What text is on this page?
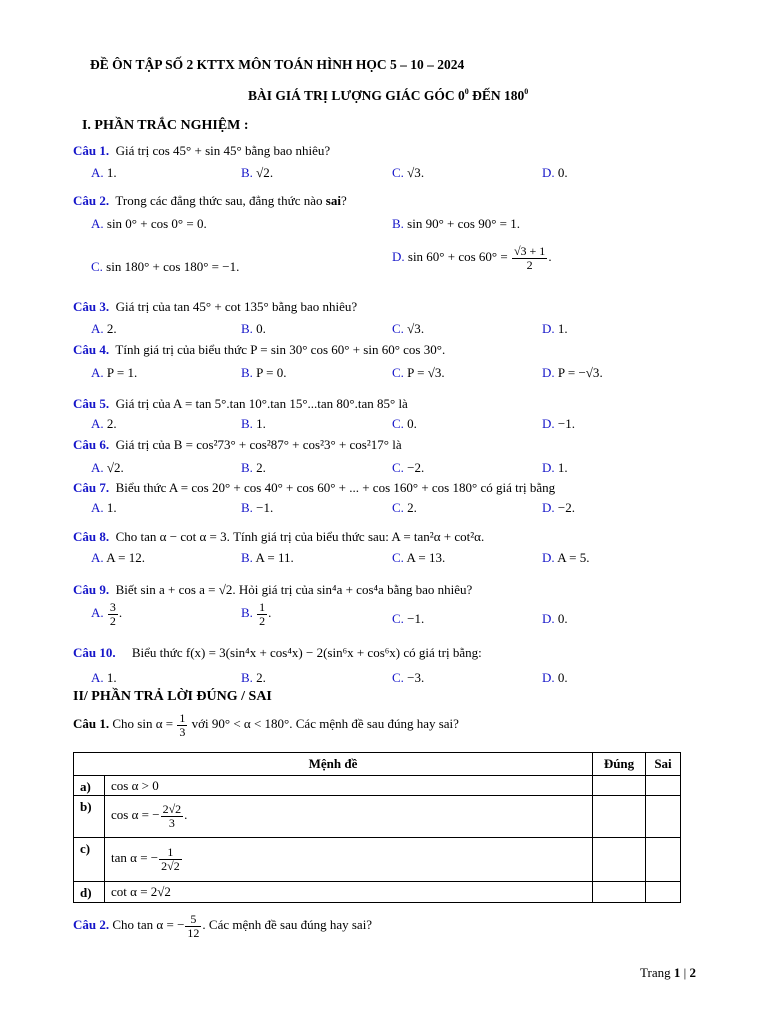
ĐỀ ÔN TẬP SỐ 2 KTTX MÔN TOÁN HÌNH HỌC 5 – 10 – 2024
BÀI GIÁ TRỊ LƯỢNG GIÁC GÓC $0^0$ ĐẾN $180^0$
I. PHẦN TRẮC NGHIỆM :
Câu 1. Giá trị cos 45° + sin 45° bằng bao nhiêu?
A. 1.	B. √2.	C. √3.	D. 0.
Câu 2. Trong các đẳng thức sau, đẳng thức nào sai?
A. sin 0° + cos 0° = 0.	B. sin 90° + cos 90° = 1.
C. sin 180° + cos 180° = −1.
D. $\sin 60^\circ + \cos 60^\circ = \frac{√3 + 1}{2}$ .
Câu 3. Giá trị của tan 45° + cot 135° bằng bao nhiêu?
A. 2.	B. 0.	C. √3.	D. 1.
Câu 4. Tính giá trị của biểu thức P = sin 30° cos 60° + sin 60° cos 30°.
A. P = 1.	B. P = 0.	C. P = √3.	D. P = −√3.
Câu 5. Giá trị của A = tan 5°.tan 10°.tan 15°...tan 80°.tan 85° là
A. 2.	B. 1.	C. 0.	D. −1.
Câu 6. Giá trị của B = cos²73° + cos²87° + cos²3° + cos²17° là
A. √2.	B. 2.	C. −2.	D. 1.
Câu 7. Biểu thức A = cos 20° + cos 40° + cos 60° + ... + cos 160° + cos 180° có giá trị bằng
A. 1.	B. −1.	C. 2.	D. −2.
Câu 8. Cho tan α − cot α = 3. Tính giá trị của biểu thức sau: A = tan²α + cot²α.
A. A = 12.	B. A = 11.	C. A = 13.	D. A = 5.
Câu 9. Biết sin a + cos a = √2. Hỏi giá trị của sin⁴a + cos⁴a bằng bao nhiêu?
A. $\frac{3}{2}$ .	B. $\frac{1}{2}$ .	C. −1.	D. 0.
Câu 10. Biểu thức f(x) = 3(sin⁴x + cos⁴x) − 2(sin⁶x + cos⁶x) có giá trị bằng:
A. 1.	B. 2.	C. −3.	D. 0.
II/ PHẦN TRẢ LỜI ĐÚNG / SAI
Câu 1. Cho $\sin \alpha = \frac{1}{3}$ với 90° < α < 180°. Các mệnh đề sau đúng hay sai?
Mệnh đề		Đúng	Sai
a)	cos α > 0		
b)	cos α = − $\frac{2√2}{3}$ .		
c)	tan α = − $\frac{1}{2√2}$

d)	cot α = 2√2		
Câu 2. Cho tan α = − $\frac{5}{12}$ . Các mệnh đề sau đúng hay sai?
Trang 1 | 2
